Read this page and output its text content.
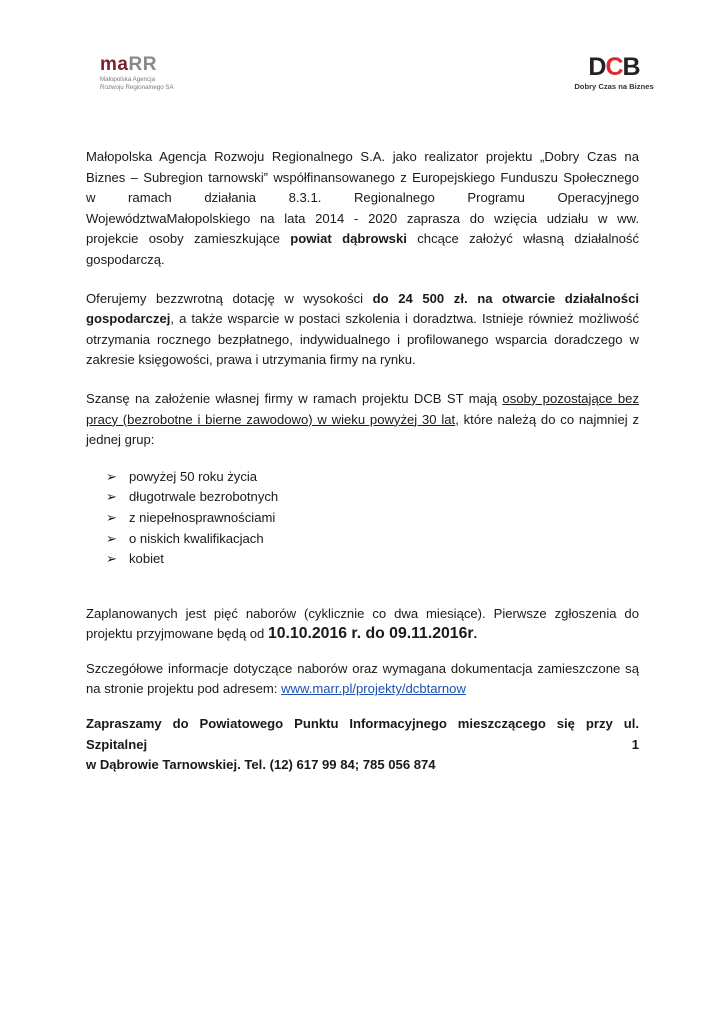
maRR
Małopolska Agencja
Rozwoju Regionalnego SA
DCB
Dobry Czas na Biznes

Małopolska Agencja Rozwoju Regionalnego S.A. jako realizator projektu „Dobry Czas na

Biznes – Subregion tarnowski” współfinansowanego z Europejskiego Funduszu Społecznego

w ramach działania 8.3.1. Regionalnego Programu Operacyjnego

WojewództwaMałopolskiego na lata 2014 - 2020 zaprasza do wzięcia udziału w ww.

projekcie osoby zamieszkujące powiat dąbrowski chcące założyć własną działalność

gospodarczą.

Oferujemy bezzwrotną dotację w wysokości do 24 500 zł. na otwarcie działalności gospodarczej, a także wsparcie w postaci szkolenia i doradztwa. Istnieje również możliwość otrzymania rocznego bezpłatnego, indywidualnego i profilowanego wsparcia doradczego w zakresie księgowości, prawa i utrzymania firmy na rynku.

Szansę na założenie własnej firmy w ramach projektu DCB ST mają osoby pozostające bez pracy (bezrobotne i bierne zawodowo) w wieku powyżej 30 lat, które należą do co najmniej z jednej grup:

➢ powyżej 50 roku życia
➢ długotrwale bezrobotnych
➢ z niepełnosprawnościami
➢ o niskich kwalifikacjach
➢ kobiet

Zaplanowanych jest pięć naborów (cyklicznie co dwa miesiące). Pierwsze zgłoszenia do projektu przyjmowane będą od 10.10.2016 r. do 09.11.2016r.

Szczegółowe informacje dotyczące naborów oraz wymagana dokumentacja zamieszczone są na stronie projektu pod adresem: www.marr.pl/projekty/dcbtarnow

Zapraszamy do Powiatowego Punktu Informacyjnego mieszczącego się przy ul. Szpitalnej 1

w Dąbrowie Tarnowskiej. Tel. (12) 617 99 84; 785 056 874
